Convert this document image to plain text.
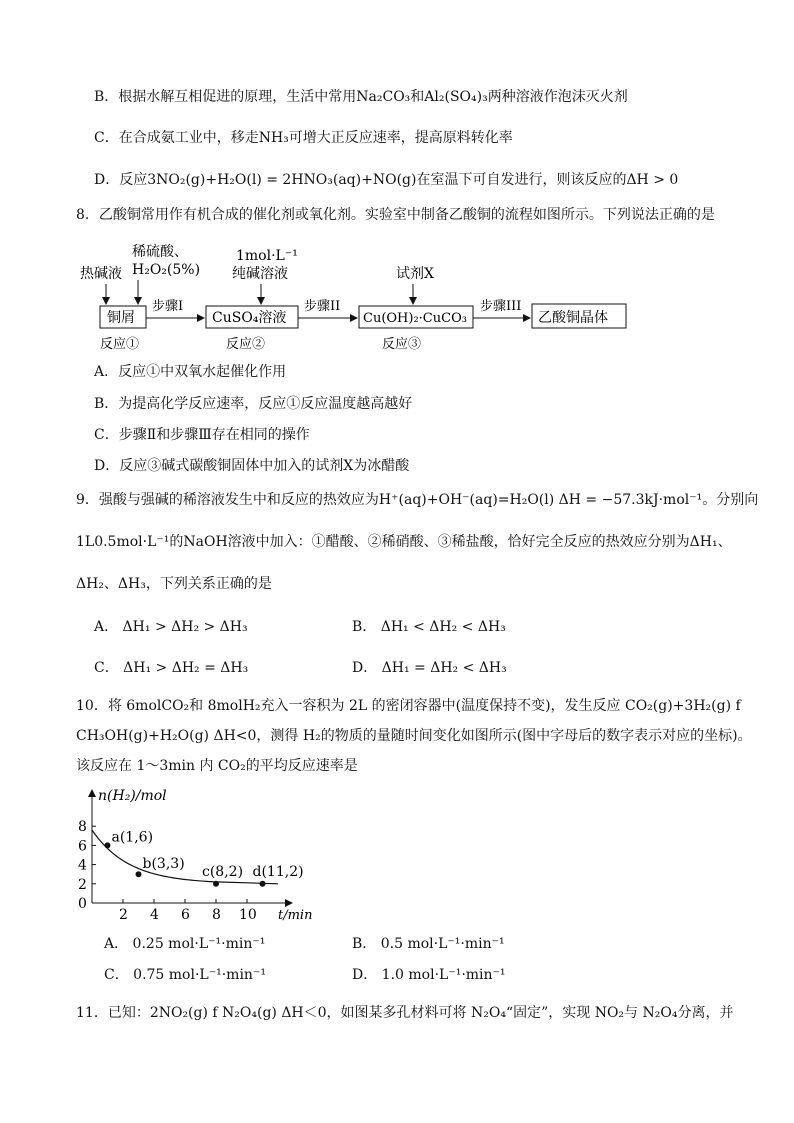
B．根据水解互相促进的原理，生活中常用Na₂CO₃和Al₂(SO₄)₃两种溶液作泡沫灭火剂
C．在合成氨工业中，移走NH₃可增大正反应速率，提高原料转化率
D．反应3NO₂(g)+H₂O(l) = 2HNO₃(aq)+NO(g)在室温下可自发进行，则该反应的ΔH > 0
8．乙酸铜常用作有机合成的催化剂或氧化剂。实验室中制备乙酸铜的流程如图所示。下列说法正确的是
热碱液
稀硫酸、
H₂O₂(5%)
1mol·L⁻¹
纯碱溶液	试剂X
铜屑	CuSO₄溶液	Cu(OH)₂·CuCO₃	乙酸铜晶体
步骤I	步骤II	步骤III
反应①	反应②	反应③
A．反应①中双氧水起催化作用
B．为提高化学反应速率，反应①反应温度越高越好
C．步骤Ⅱ和步骤Ⅲ存在相同的操作
D．反应③碱式碳酸铜固体中加入的试剂X为冰醋酸
9．强酸与强碱的稀溶液发生中和反应的热效应为H⁺(aq)+OH⁻(aq)=H₂O(l) ΔH = −57.3kJ·mol⁻¹。分别向
1L0.5mol·L⁻¹的NaOH溶液中加入：①醋酸、②稀硝酸、③稀盐酸，恰好完全反应的热效应分别为ΔH₁、
ΔH₂、ΔH₃，下列关系正确的是
A． ΔH₁ > ΔH₂ > ΔH₃	B． ΔH₁ < ΔH₂ < ΔH₃
C． ΔH₁ > ΔH₂ = ΔH₃	D． ΔH₁ = ΔH₂ < ΔH₃
10．将 6molCO₂和 8molH₂充入一容积为 2L 的密闭容器中(温度保持不变)，发生反应 CO₂(g)+3H₂(g) f
CH₃OH(g)+H₂O(g) ΔH<0，测得 H₂的物质的量随时间变化如图所示(图中字母后的数字表示对应的坐标)。
该反应在 1～3min 内 CO₂的平均反应速率是
n(H₂)/mol
t/min
0
2
4
6
8
2 4 6 8 10
a(1,6)
b(3,3) c(8,2) d(11,2)
A． 0.25 mol·L⁻¹·min⁻¹	B． 0.5 mol·L⁻¹·min⁻¹
C． 0.75 mol·L⁻¹·min⁻¹	D． 1.0 mol·L⁻¹·min⁻¹
11．已知：2NO₂(g) f N₂O₄(g) ΔH＜0，如图某多孔材料可将 N₂O₄“固定”，实现 NO₂与 N₂O₄分离，并
